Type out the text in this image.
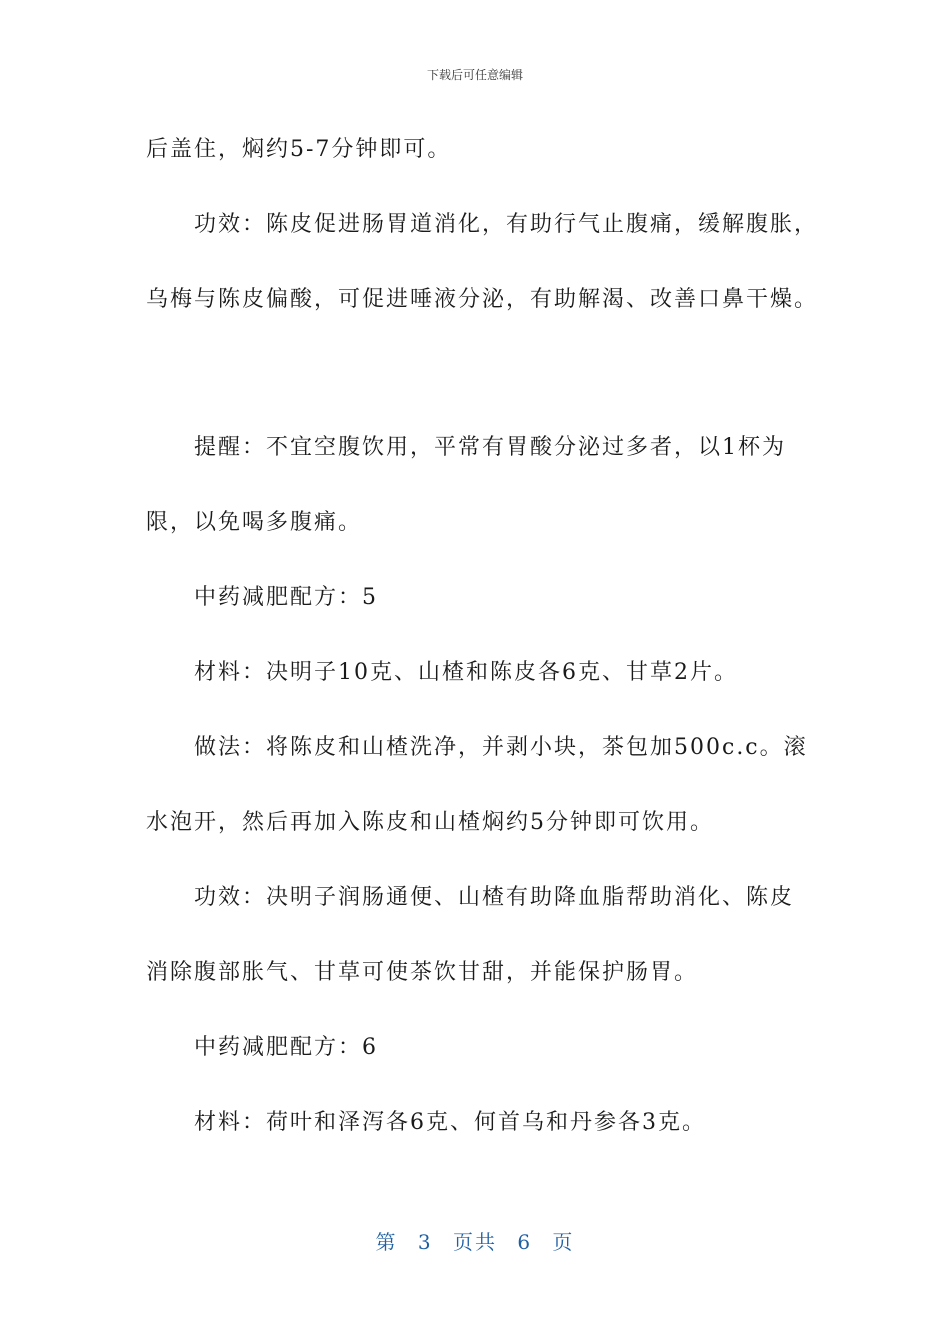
下载后可任意编辑
后盖住，焖约5-7分钟即可。
功效：陈皮促进肠胃道消化，有助行气止腹痛，缓解腹胀，
乌梅与陈皮偏酸，可促进唾液分泌，有助解渴、改善口鼻干燥。
提醒：不宜空腹饮用，平常有胃酸分泌过多者，以1杯为
限，以免喝多腹痛。
中药减肥配方：5
材料：决明子10克、山楂和陈皮各6克、甘草2片。
做法：将陈皮和山楂洗净，并剥小块，茶包加500c.c。滚
水泡开，然后再加入陈皮和山楂焖约5分钟即可饮用。
功效：决明子润肠通便、山楂有助降血脂帮助消化、陈皮
消除腹部胀气、甘草可使茶饮甘甜，并能保护肠胃。
中药减肥配方：6
材料：荷叶和泽泻各6克、何首乌和丹参各3克。
第 3 页共 6 页
